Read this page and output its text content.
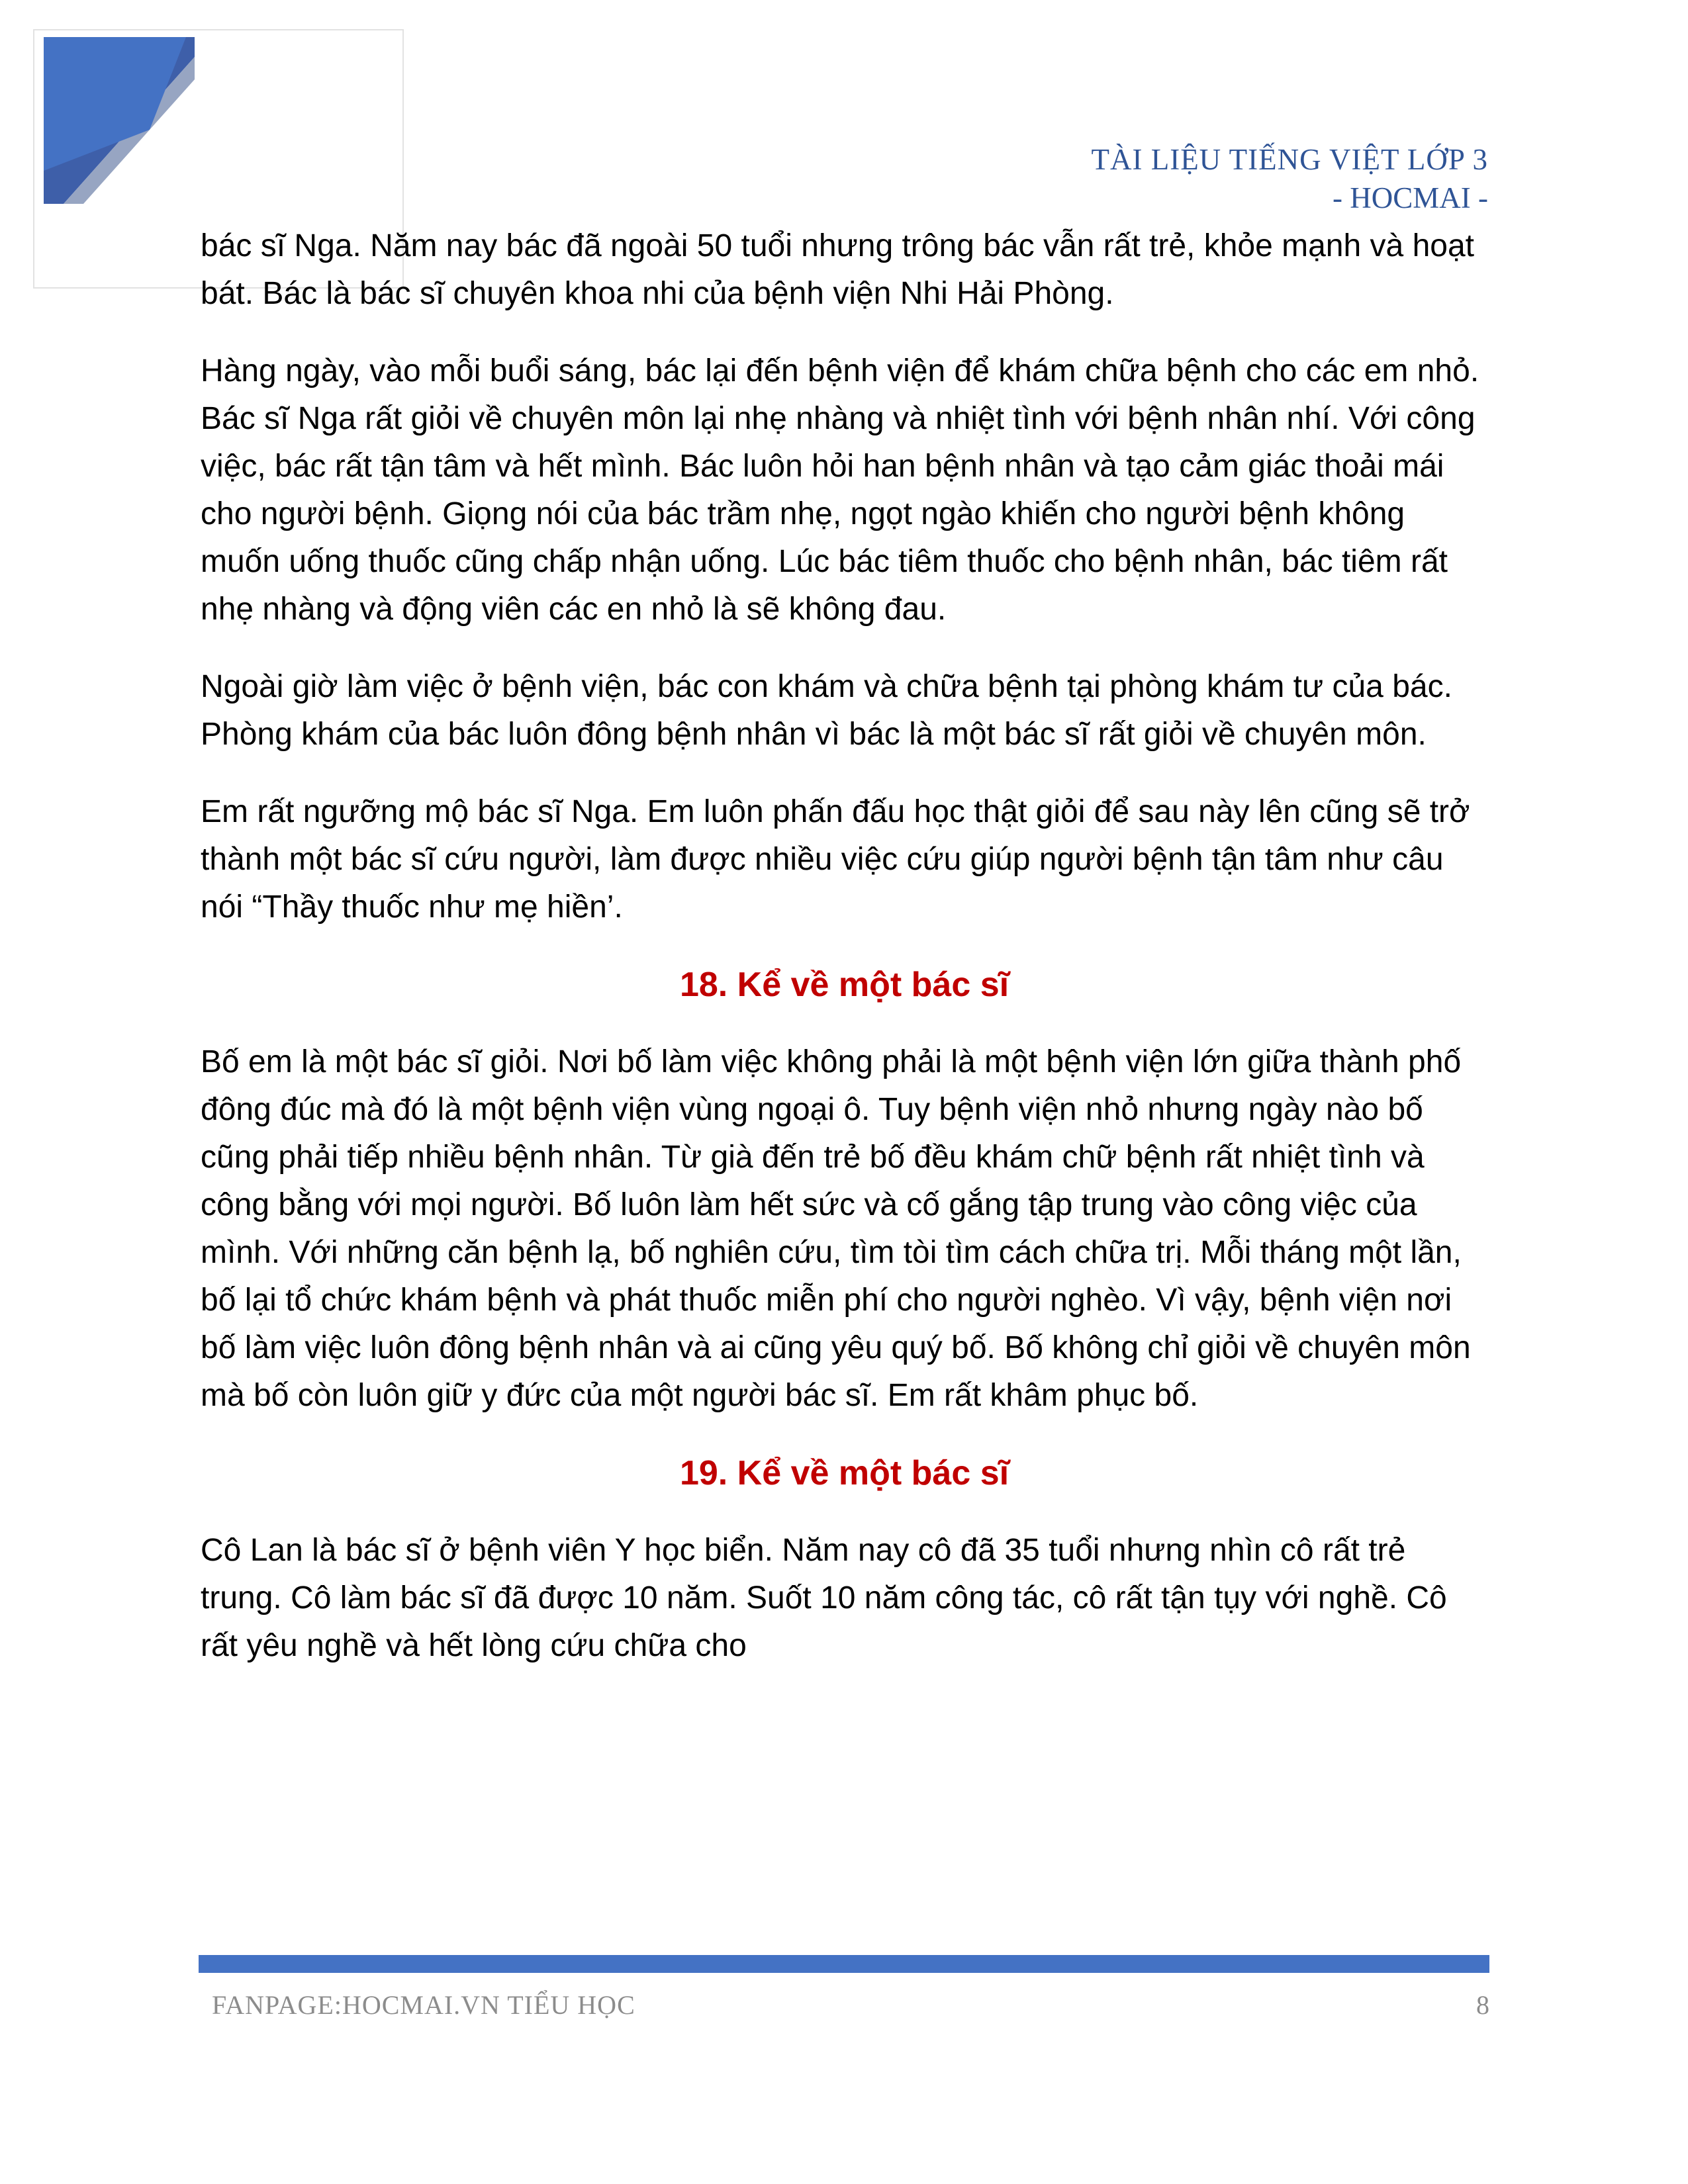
TÀI LIỆU TIẾNG VIỆT LỚP 3
- HOCMAI -

bác sĩ Nga. Năm nay bác đã ngoài 50 tuổi nhưng trông bác vẫn rất trẻ, khỏe mạnh và hoạt bát. Bác là bác sĩ chuyên khoa nhi của bệnh viện Nhi Hải Phòng.

Hàng ngày, vào mỗi buổi sáng, bác lại đến bệnh viện để khám chữa bệnh cho các em nhỏ. Bác sĩ Nga rất giỏi về chuyên môn lại nhẹ nhàng và nhiệt tình với bệnh nhân nhí. Với công việc, bác rất tận tâm và hết mình. Bác luôn hỏi han bệnh nhân và tạo cảm giác thoải mái cho người bệnh. Giọng nói của bác trầm nhẹ, ngọt ngào khiến cho người bệnh không muốn uống thuốc cũng chấp nhận uống. Lúc bác tiêm thuốc cho bệnh nhân, bác tiêm rất nhẹ nhàng và động viên các en nhỏ là sẽ không đau.

Ngoài giờ làm việc ở bệnh viện, bác con khám và chữa bệnh tại phòng khám tư của bác. Phòng khám của bác luôn đông bệnh nhân vì bác là một bác sĩ rất giỏi về chuyên môn.

Em rất ngưỡng mộ bác sĩ Nga. Em luôn phấn đấu học thật giỏi để sau này lên cũng sẽ trở thành một bác sĩ cứu người, làm được nhiều việc cứu giúp người bệnh tận tâm như câu nói “Thầy thuốc như mẹ hiền’.

18. Kể về một bác sĩ

Bố em là một bác sĩ giỏi. Nơi bố làm việc không phải là một bệnh viện lớn giữa thành phố đông đúc mà đó là một bệnh viện vùng ngoại ô. Tuy bệnh viện nhỏ nhưng ngày nào bố cũng phải tiếp nhiều bệnh nhân. Từ già đến trẻ bố đều khám chữ bệnh rất nhiệt tình và công bằng với mọi người. Bố luôn làm hết sức và cố gắng tập trung vào công việc của mình. Với những căn bệnh lạ, bố nghiên cứu, tìm tòi tìm cách chữa trị. Mỗi tháng một lần, bố lại tổ chức khám bệnh và phát thuốc miễn phí cho người nghèo. Vì vậy, bệnh viện nơi bố làm việc luôn đông bệnh nhân và ai cũng yêu quý bố. Bố không chỉ giỏi về chuyên môn mà bố còn luôn giữ y đức của một người bác sĩ. Em rất khâm phục bố.

19. Kể về một bác sĩ

Cô Lan là bác sĩ ở bệnh viên Y học biển. Năm nay cô đã 35 tuổi nhưng nhìn cô rất trẻ trung. Cô làm bác sĩ đã được 10 năm. Suốt 10 năm công tác, cô rất tận tụy với nghề. Cô rất yêu nghề và hết lòng cứu chữa cho

FANPAGE:HOCMAI.VN TIỂU HỌC	8
